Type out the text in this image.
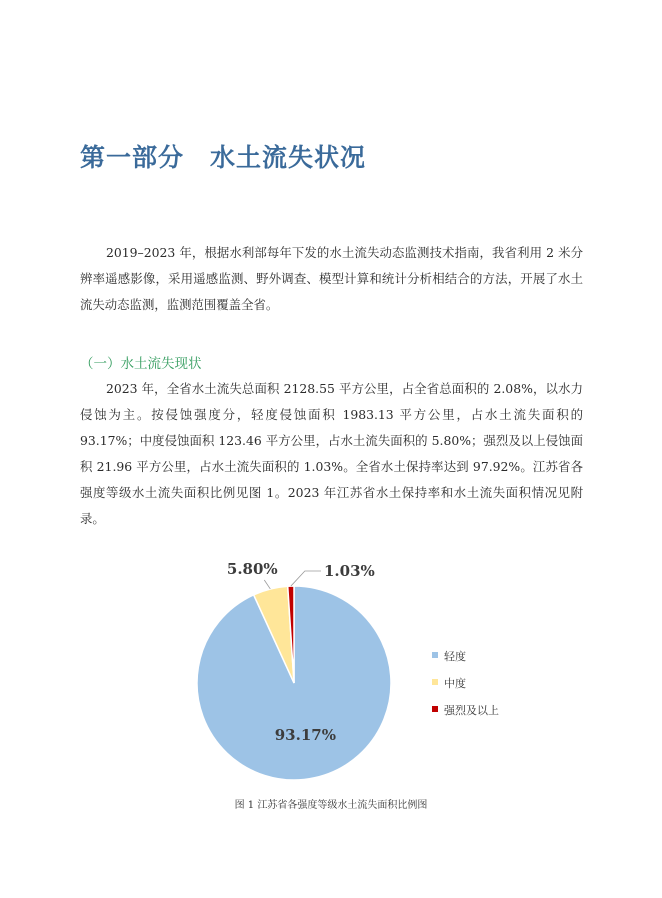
第一部分 水土流失状况

2019–2023 年，根据水利部每年下发的水土流失动态监测技术指南，我省利用 2 米分辨率遥感影像，采用遥感监测、野外调查、模型计算和统计分析相结合的方法，开展了水土流失动态监测，监测范围覆盖全省。

（一）水土流失现状

2023 年，全省水土流失总面积 2128.55 平方公里，占全省总面积的 2.08%，以水力侵蚀为主。按侵蚀强度分，轻度侵蚀面积 1983.13 平方公里，占水土流失面积的 93.17%；中度侵蚀面积 123.46 平方公里，占水土流失面积的 5.80%；强烈及以上侵蚀面积 21.96 平方公里，占水土流失面积的 1.03%。全省水土保持率达到 97.92%。江苏省各强度等级水土流失面积比例见图 1。2023 年江苏省水土保持率和水土流失面积情况见附录。

93.17%
5.80%	1.03%
轻度
中度
强烈及以上
图 1 江苏省各强度等级水土流失面积比例图
